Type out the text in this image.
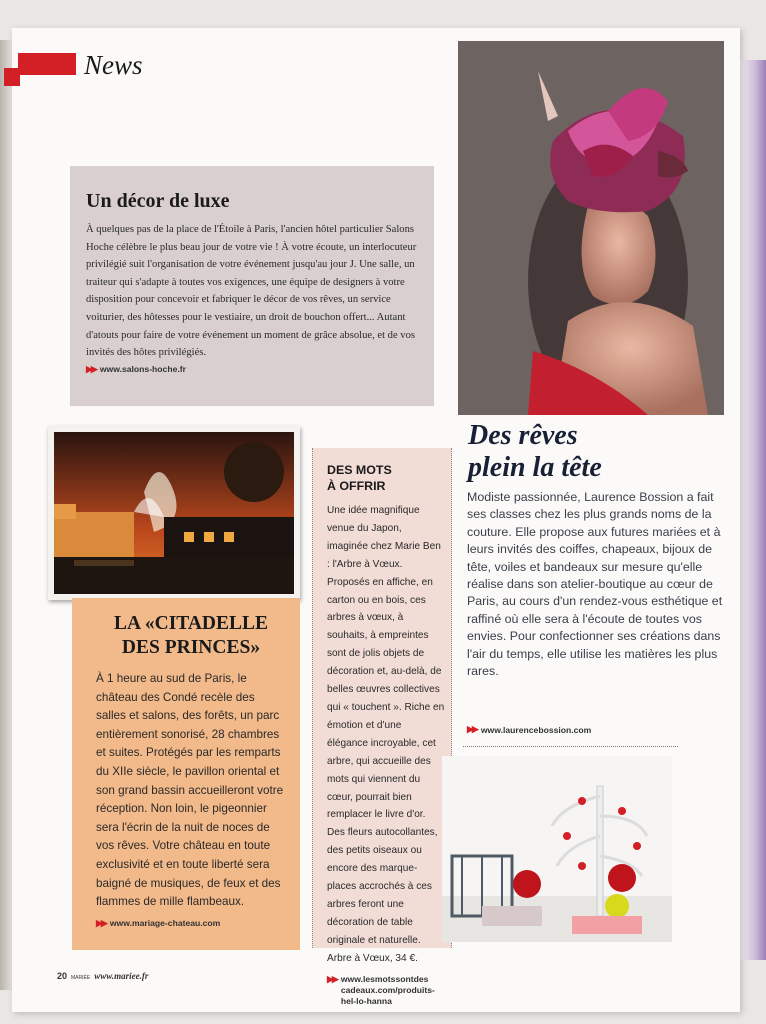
News
Un décor de luxe

À quelques pas de la place de l'Étoile à Paris, l'ancien hôtel particulier Salons Hoche célèbre le plus beau jour de votre vie ! À votre écoute, un interlocuteur privilégié suit l'organisation de votre événement jusqu'au jour J. Une salle, un traiteur qui s'adapte à toutes vos exigences, une équipe de designers à votre disposition pour concevoir et fabriquer le décor de vos rêves, un service voiturier, des hôtesses pour le vestiaire, un droit de bouchon offert... Autant d'atouts pour faire de votre événement un moment de grâce absolue, et de vos invités des hôtes privilégiés.

▶▶ www.salons-hoche.fr
Des rêves
plein la tête

Modiste passionnée, Laurence Bossion a fait ses classes chez les plus grands noms de la couture. Elle propose aux futures mariées et à leurs invités des coiffes, chapeaux, bijoux de tête, voiles et bandeaux sur mesure qu'elle réalise dans son atelier-boutique au cœur de Paris, au cours d'un rendez-vous esthétique et raffiné où elle sera à l'écoute de toutes vos envies. Pour confectionner ses créations dans l'air du temps, elle utilise les matières les plus rares.

▶▶ www.laurencebossion.com
LA «CITADELLE
DES PRINCES»

À 1 heure au sud de Paris, le château des Condé recèle des salles et salons, des forêts, un parc entièrement sonorisé, 28 chambres et suites. Protégés par les remparts du XIIe siècle, le pavillon oriental et son grand bassin accueilleront votre réception. Non loin, le pigeonnier sera l'écrin de la nuit de noces de vos rêves. Votre château en toute exclusivité et en toute liberté sera baigné de musiques, de feux et des flammes de mille flambeaux.

▶▶ www.mariage-chateau.com
DES MOTS
À OFFRIR

Une idée magnifique venue du Japon, imaginée chez Marie Ben : l'Arbre à Vœux. Proposés en affiche, en carton ou en bois, ces arbres à vœux, à souhaits, à empreintes sont de jolis objets de décoration et, au-delà, de belles œuvres collectives qui « touchent ». Riche en émotion et d'une élégance incroyable, cet arbre, qui accueille des mots qui viennent du cœur, pourrait bien remplacer le livre d'or. Des fleurs autocollantes, des petits oiseaux ou encore des marque-places accrochés à ces arbres feront une décoration de table originale et naturelle. Arbre à Vœux, 34 €.

▶▶ www.lesmotssontdes cadeaux.com/produits-hel-lo-hanna
20 MARIÉE www.mariee.fr
